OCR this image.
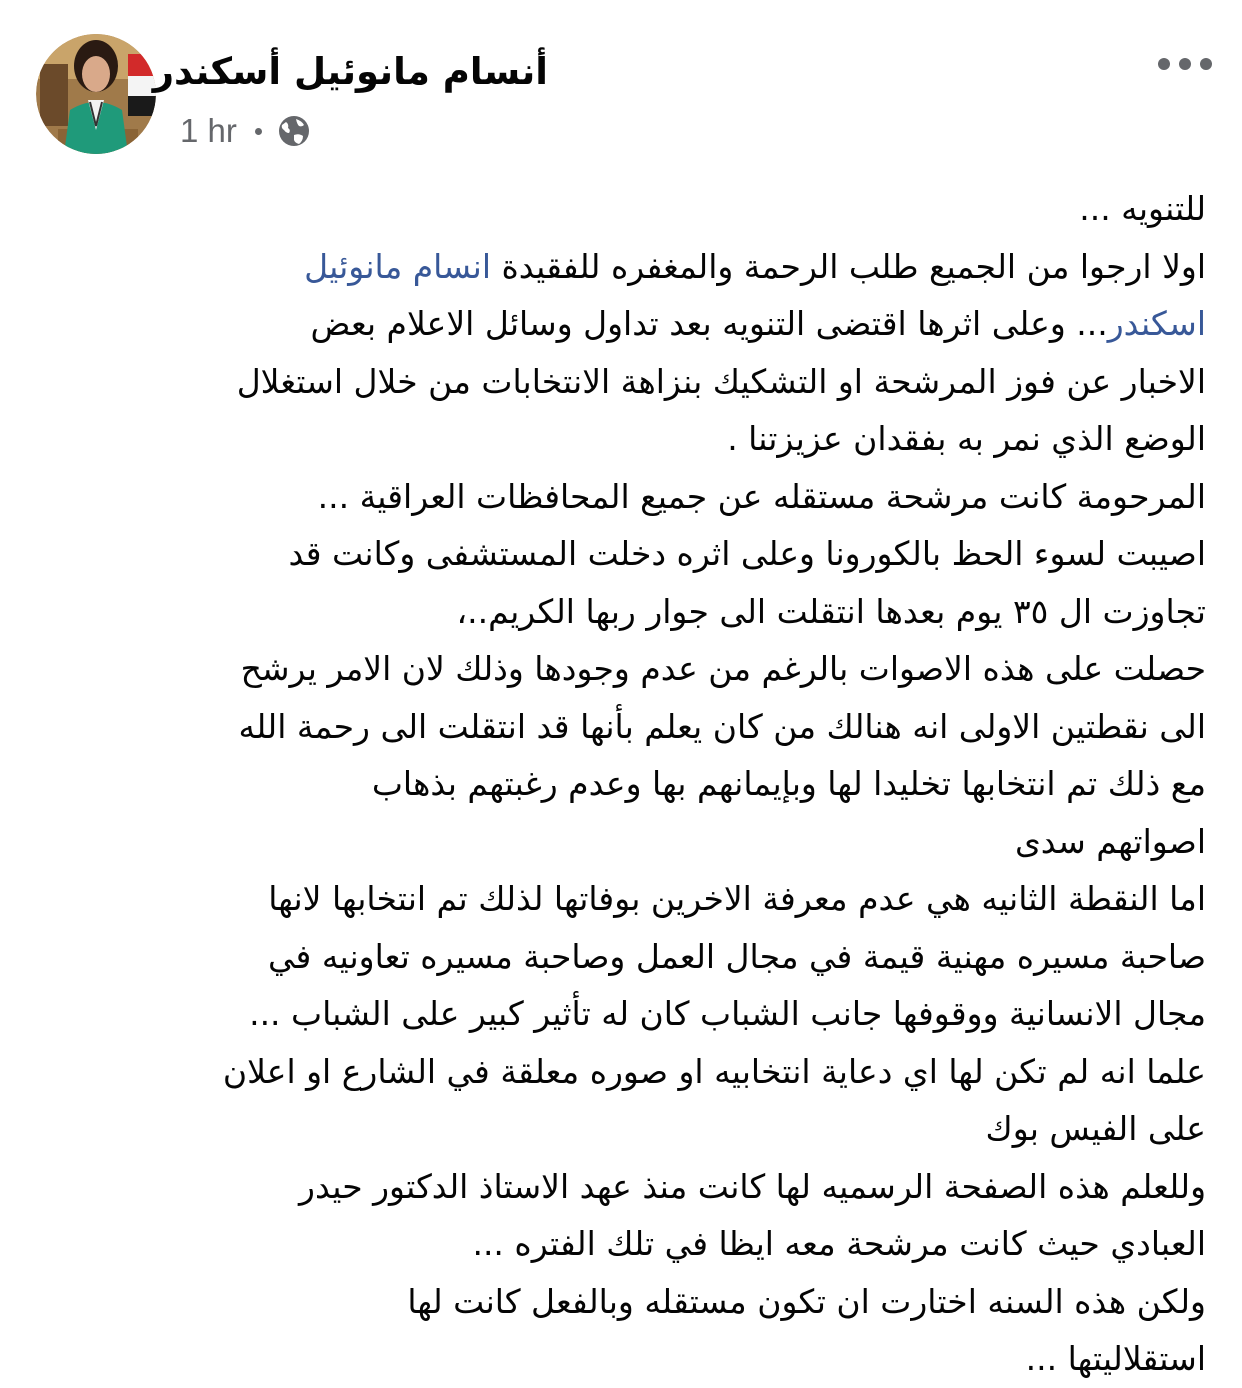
أنسام مانوئيل أسكندر
1 hr
للتنويه ...
اولا ارجوا من الجميع طلب الرحمة والمغفره للفقيدة انسام مانوئيل
اسكندر... وعلى اثرها اقتضى التنويه بعد تداول وسائل الاعلام بعض
الاخبار عن فوز المرشحة او التشكيك بنزاهة الانتخابات من خلال استغلال
الوضع الذي نمر به بفقدان عزيزتنا .
المرحومة كانت مرشحة مستقله عن جميع المحافظات العراقية ...
اصيبت لسوء الحظ بالكورونا وعلى اثره دخلت المستشفى وكانت قد
تجاوزت ال ٣٥ يوم بعدها انتقلت الى جوار ربها الكريم..،
حصلت على هذه الاصوات بالرغم من عدم وجودها وذلك لان الامر يرشح
الى نقطتين الاولى انه هنالك من كان يعلم بأنها قد انتقلت الى رحمة الله
مع ذلك تم انتخابها تخليدا لها وبإيمانهم بها وعدم رغبتهم بذهاب
اصواتهم سدى
اما النقطة الثانيه هي عدم معرفة الاخرين بوفاتها لذلك تم انتخابها لانها
صاحبة مسيره مهنية قيمة في مجال العمل وصاحبة مسيره تعاونيه في
مجال الانسانية ووقوفها جانب الشباب كان له تأثير كبير على الشباب ...
علما انه لم تكن لها اي دعاية انتخابيه او صوره معلقة في الشارع او اعلان
على الفيس بوك
وللعلم هذه الصفحة الرسميه لها كانت منذ عهد الاستاذ الدكتور حيدر
العبادي حيث كانت مرشحة معه ايظا في تلك الفتره ...
ولكن هذه السنه اختارت ان تكون مستقله وبالفعل كانت لها
استقلاليتها ...
